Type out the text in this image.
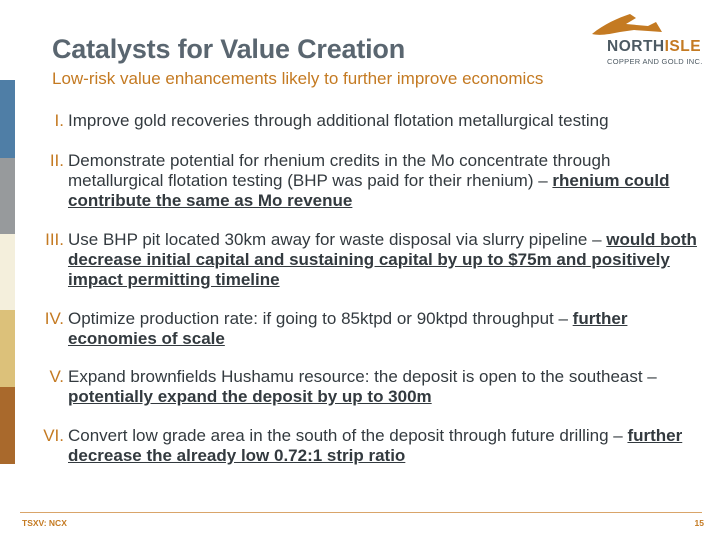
Catalysts for Value Creation
Low-risk value enhancements likely to further improve economics
NORTHISLE
COPPER AND GOLD INC.
I. Improve gold recoveries through additional flotation metallurgical testing
II. Demonstrate potential for rhenium credits in the Mo concentrate through metallurgical flotation testing (BHP was paid for their rhenium) – rhenium could contribute the same as Mo revenue
III. Use BHP pit located 30km away for waste disposal via slurry pipeline – would both decrease initial capital and sustaining capital by up to $75m and positively impact permitting timeline
IV. Optimize production rate: if going to 85ktpd or 90ktpd throughput – further economies of scale
V. Expand brownfields Hushamu resource: the deposit is open to the southeast – potentially expand the deposit by up to 300m
VI. Convert low grade area in the south of the deposit through future drilling – further decrease the already low 0.72:1 strip ratio
TSXV: NCX	15
